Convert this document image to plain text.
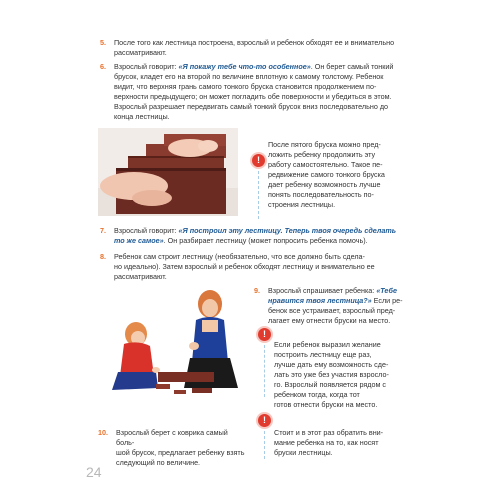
5. После того как лестница построена, взрослый и ребенок обходят ее и внимательно
рассматривают.
6. Взрослый говорит: «Я покажу тебе что-то особенное». Он берет самый тонкий
брусок, кладет его на второй по величине вплотную к самому толстому. Ребенок
видит, что верхняя грань самого тонкого бруска становится продолжением по-
верхности предыдущего; он может погладить обе поверхности и убедиться в этом.
Взрослый разрешает передвигать самый тонкий брусок вниз последовательно до
конца лестницы.
!
После пятого бруска можно пред-
ложить ребенку продолжить эту
работу самостоятельно. Такое пе-
редвижение самого тонкого бруска
дает ребенку возможность лучше
понять последовательность по-
строения лестницы.
7. Взрослый говорит: «Я построил эту лестницу. Теперь твоя очередь сделать
то же самое». Он разбирает лестницу (может попросить ребенка помочь).
8. Ребенок сам строит лестницу (необязательно, что все должно быть сдела-
но идеально). Затем взрослый и ребенок обходят лестницу и внимательно ее
рассматривают.
9. Взрослый спрашивает ребенка: «Тебе
нравится твоя лестница?» Если ре-
бенок все устраивает, взрослый пред-
лагает ему отнести бруски на место.
!
Если ребенок выразил желание
построить лестницу еще раз,
лучше дать ему возможность сде-
лать это уже без участия взросло-
го. Взрослый появляется рядом с
ребенком тогда, когда тот
готов отнести бруски на место.
10. Взрослый берет с коврика самый боль-
шой брусок, предлагает ребенку взять
следующий по величине.
!
Стоит и в этот раз обратить вни-
мание ребенка на то, как носят
бруски лестницы.
24
